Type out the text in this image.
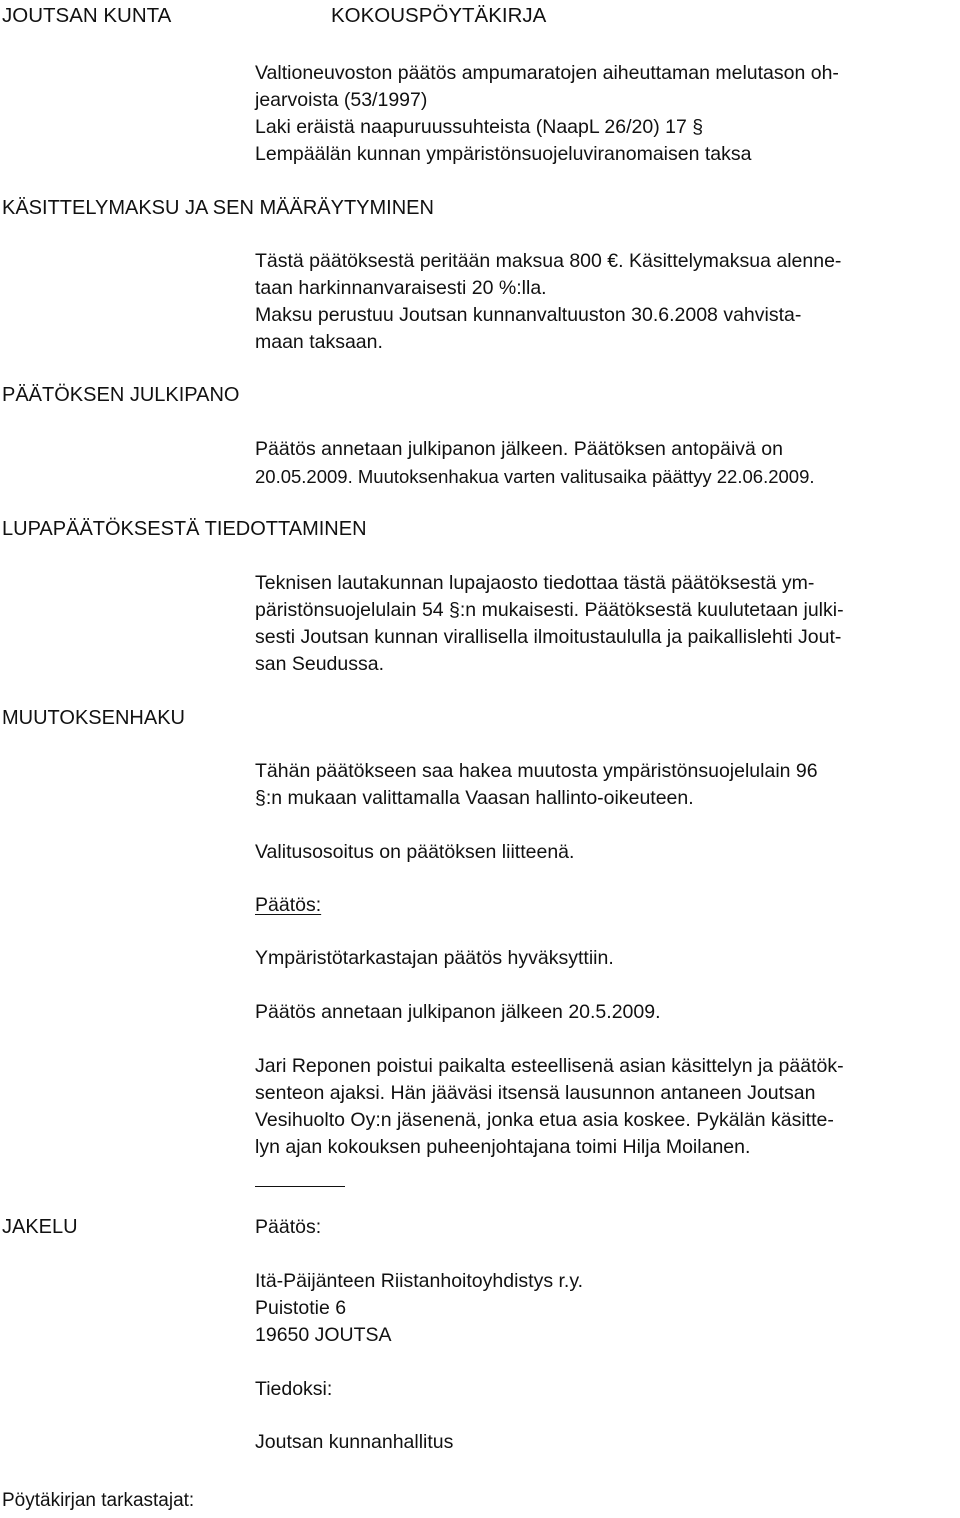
JOUTSAN KUNTA	KOKOUSPÖYTÄKIRJA
Valtioneuvoston päätös ampumaratojen aiheuttaman melutason oh-
jearvoista (53/1997)
Laki eräistä naapuruussuhteista (NaapL 26/20) 17 §
Lempäälän kunnan ympäristönsuojeluviranomaisen taksa
KÄSITTELYMAKSU JA SEN MÄÄRÄYTYMINEN
Tästä päätöksestä peritään maksua 800 €. Käsittelymaksua alenne-
taan harkinnanvaraisesti 20 %:lla.
Maksu perustuu Joutsan kunnanvaltuuston 30.6.2008 vahvista-
maan taksaan.
PÄÄTÖKSEN JULKIPANO
Päätös annetaan julkipanon jälkeen. Päätöksen antopäivä on
20.05.2009. Muutoksenhakua varten valitusaika päättyy 22.06.2009.
LUPAPÄÄTÖKSESTÄ TIEDOTTAMINEN
Teknisen lautakunnan lupajaosto tiedottaa tästä päätöksestä ym-
päristönsuojelulain 54 §:n mukaisesti. Päätöksestä kuulutetaan julki-
sesti Joutsan kunnan virallisella ilmoitustaululla ja paikallislehti Jout-
san Seudussa.
MUUTOKSENHAKU
Tähän päätökseen saa hakea muutosta ympäristönsuojelulain 96
§:n mukaan valittamalla Vaasan hallinto-oikeuteen.
Valitusosoitus on päätöksen liitteenä.
Päätös:
Ympäristötarkastajan päätös hyväksyttiin.
Päätös annetaan julkipanon jälkeen 20.5.2009.
Jari Reponen poistui paikalta esteellisenä asian käsittelyn ja päätök-
senteon ajaksi. Hän jääväsi itsensä lausunnon antaneen Joutsan
Vesihuolto Oy:n jäsenenä, jonka etua asia koskee. Pykälän käsitte-
lyn ajan kokouksen puheenjohtajana toimi Hilja Moilanen.
JAKELU	Päätös:
Itä-Päijänteen Riistanhoitoyhdistys r.y.
Puistotie 6
19650 JOUTSA
Tiedoksi:
Joutsan kunnanhallitus
Pöytäkirjan tarkastajat:
